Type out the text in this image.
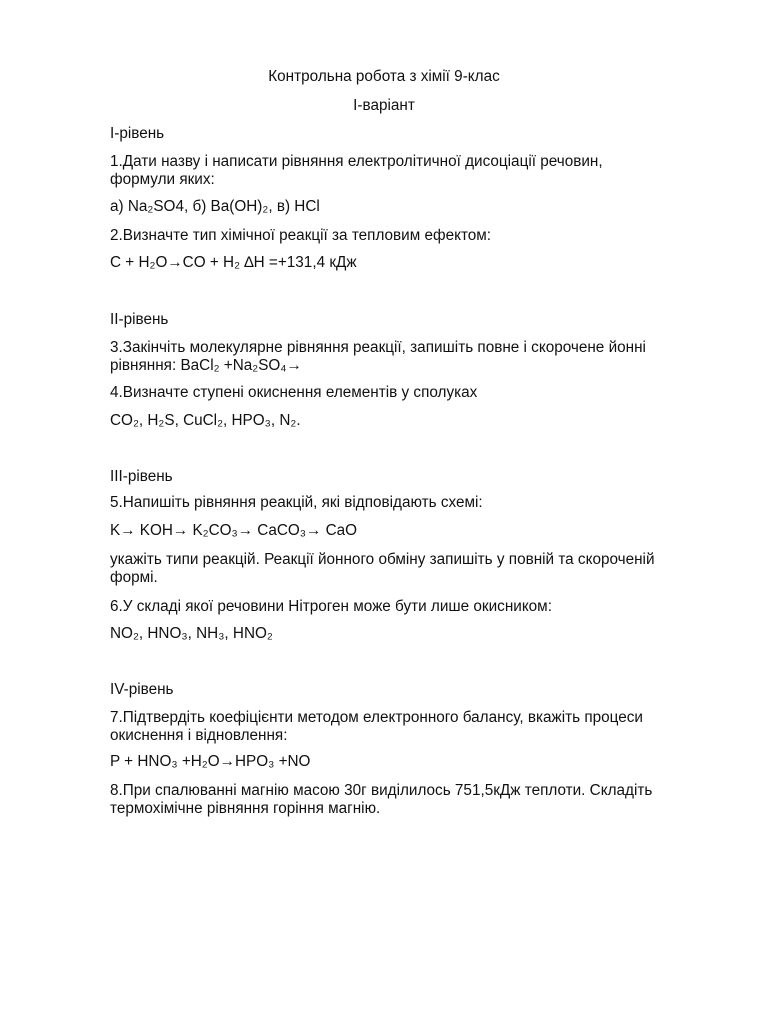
Контрольна робота з хімії 9-клас

І-варіант

І-рівень

1.Дати назву і написати рівняння електролітичної дисоціації речовин, формули яких:

а) Na₂SO4, б) Ba(OH)₂, в) HCl

2.Визначте тип хімічної реакції за тепловим ефектом:

C + H₂O→CO + H₂ ∆H =+131,4 кДж

ІІ-рівень

3.Закінчіть молекулярне рівняння реакції, запишіть повне і скорочене йонні рівняння: BaCl₂ +Na₂SO₄→

4.Визначте ступені окиснення елементів у сполуках

CO₂, H₂S, CuCl₂, HPO₃, N₂.

ІІІ-рівень

5.Напишіть рівняння реакцій, які відповідають схемі:

K→ KOH→ K₂CO₃→ CaCO₃→ CaO

укажіть типи реакцій. Реакції йонного обміну запишіть у повній та скороченій формі.

6.У складі якої речовини Нітроген може бути лише окисником:

NO₂, HNO₃, NH₃, HNO₂

IV-рівень

7.Підтвердіть коефіцієнти методом електронного балансу, вкажіть процеси окиснення і відновлення:

P + HNO₃ +H₂O→HPO₃ +NO

8.При спалюванні магнію масою 30г виділилось 751,5кДж теплоти. Складіть термохімічне рівняння горіння магнію.
